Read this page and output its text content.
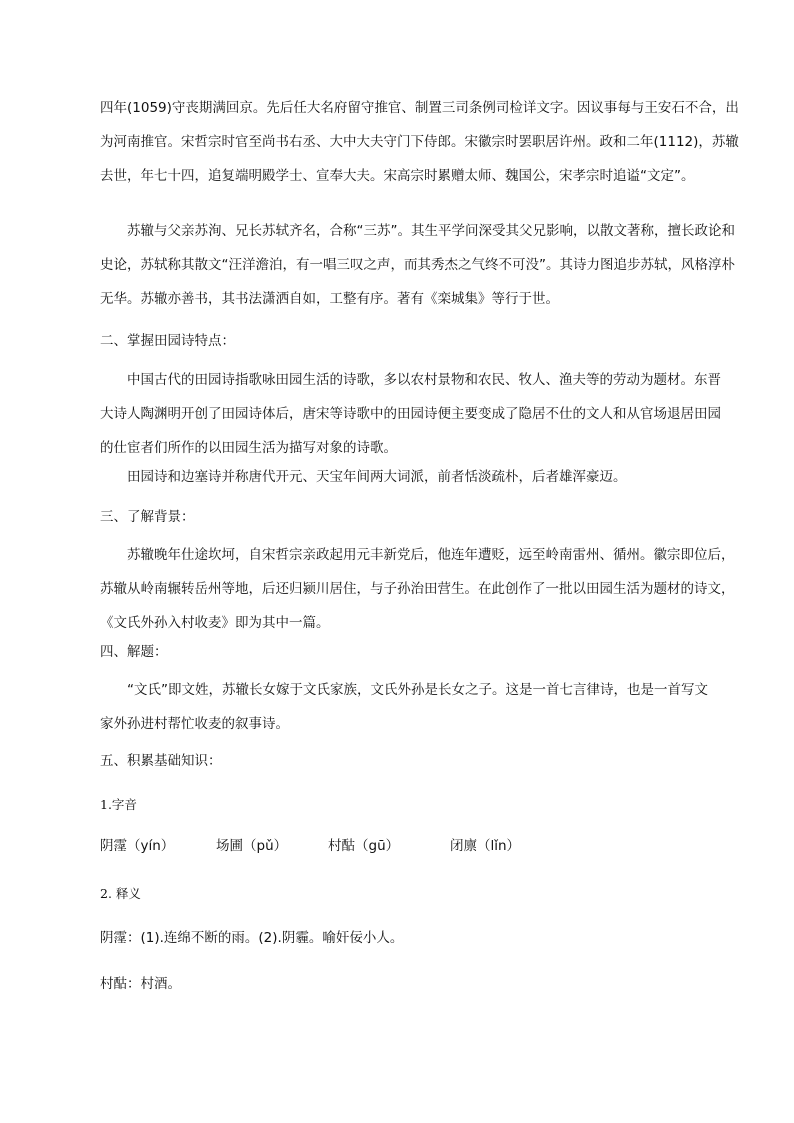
四年(1059)守丧期满回京。先后任大名府留守推官、制置三司条例司检详文字。因议事每与王安石不合，出
为河南推官。宋哲宗时官至尚书右丞、大中大夫守门下侍郎。宋徽宗时罢职居许州。政和二年(1112)，苏辙
去世，年七十四，追复端明殿学士、宣奉大夫。宋高宗时累赠太师、魏国公，宋孝宗时追谥“文定”。
苏辙与父亲苏洵、兄长苏轼齐名，合称“三苏”。其生平学问深受其父兄影响，以散文著称，擅长政论和
史论，苏轼称其散文“汪洋澹泊，有一唱三叹之声，而其秀杰之气终不可没”。其诗力图追步苏轼，风格淳朴
无华。苏辙亦善书，其书法潇洒自如，工整有序。著有《栾城集》等行于世。
二、掌握田园诗特点：
中国古代的田园诗指歌咏田园生活的诗歌，多以农村景物和农民、牧人、渔夫等的劳动为题材。东晋
大诗人陶渊明开创了田园诗体后，唐宋等诗歌中的田园诗便主要变成了隐居不仕的文人和从官场退居田园
的仕宦者们所作的以田园生活为描写对象的诗歌。
田园诗和边塞诗并称唐代开元、天宝年间两大词派，前者恬淡疏朴，后者雄浑豪迈。
三、了解背景：
苏辙晚年仕途坎坷，自宋哲宗亲政起用元丰新党后，他连年遭贬，远至岭南雷州、循州。徽宗即位后，
苏辙从岭南辗转岳州等地，后还归颍川居住，与子孙治田营生。在此创作了一批以田园生活为题材的诗文，
《文氏外孙入村收麦》即为其中一篇。
四、解题：
“文氏”即文姓，苏辙长女嫁于文氏家族，文氏外孙是长女之子。这是一首七言律诗，也是一首写文
家外孙进村帮忙收麦的叙事诗。
五、积累基础知识：
1.字音
阴霪（yín）	场圃（pǔ）	村酤（gū）	闭廪（lǐn）
2. 释义
阴霪：(1).连绵不断的雨。(2).阴霾。喻奸佞小人。
村酤：村酒。
